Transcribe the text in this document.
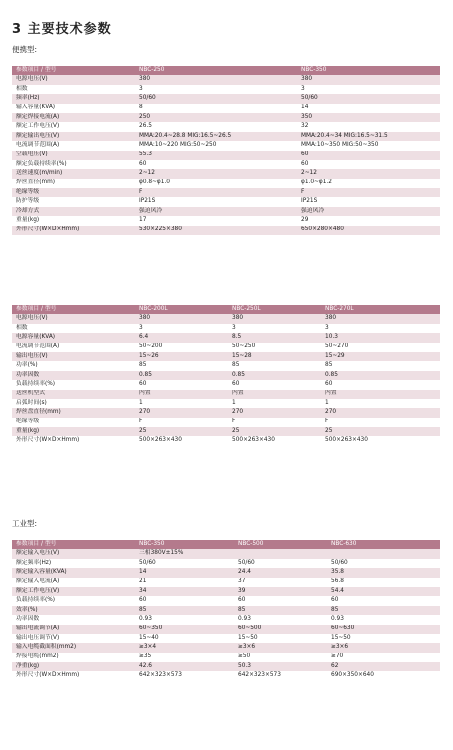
3 主要技术参数
便携型:
参数项目 / 型号	NBC-250	NBC-350
电源电压(V)	380	380
相数	3	3
频率(Hz)	50/60	50/60
输入容量(KVA)	8	14
额定焊接电流(A)	250	350
额定工作电压(V)	26.5	32
额定输出电压(V)	MMA:20.4~28.8 MIG:16.5~26.5	MMA:20.4~34 MIG:16.5~31.5
电流调节范围(A)	MMA:10~220 MIG:50~250	MMA:10~350 MIG:50~350
空载电压(V)	55.3	60
额定负载持续率(%)	60	60
送丝速度(m/min)	2~12	2~12
焊丝直径(mm)	φ0.8~φ1.0	φ1.0~φ1.2
绝缘等级	F	F
防护等级	IP21S	IP21S
冷却方式	强迫风冷	强迫风冷
重量(kg)	17	29
外形尺寸(W×D×Hmm)	530×225×380	650×280×480
参数项目 / 型号	NBC-200L	NBC-250L	NBC-270L
电源电压(V)	380	380	380
相数	3	3	3
电源容量(KVA)	6.4	8.5	10.3
电流调节范围(A)	50~200	50~250	50~270
输出电压(V)	15~26	15~28	15~29
功率(%)	85	85	85
功率因数	0.85	0.85	0.85
负载持续率(%)	60	60	60
送丝机型式	内置	内置	内置
启弧时间(s)	1	1	1
焊丝盘直径(mm)	270	270	270
绝缘等级	F	F	F
重量(kg)	25	25	25
外形尺寸(W×D×Hmm)	500×263×430	500×263×430	500×263×430
工业型:
参数项目 / 型号	NBC-350	NBC-500	NBC-630
额定输入电压(V)	三相380V±15%		
额定频率(Hz)	50/60	50/60	50/60
额定输入容量(KVA)	14	24.4	35.8
额定输入电流(A)	21	37	56.8
额定工作电压(V)	34	39	54.4
负载持续率(%)	60	60	60
效率(%)	85	85	85
功率因数	0.93	0.93	0.93
输出电流调节(A)	60~350	60~500	60~630
输出电压调节(V)	15~40	15~50	15~50
输入电缆截面积(mm2)	≥3×4	≥3×6	≥3×6
焊接电缆(mm2)	≥35	≥50	≥70
净重(kg)	42.6	50.3	62
外形尺寸(W×D×Hmm)	642×323×573	642×323×573	690×350×640
